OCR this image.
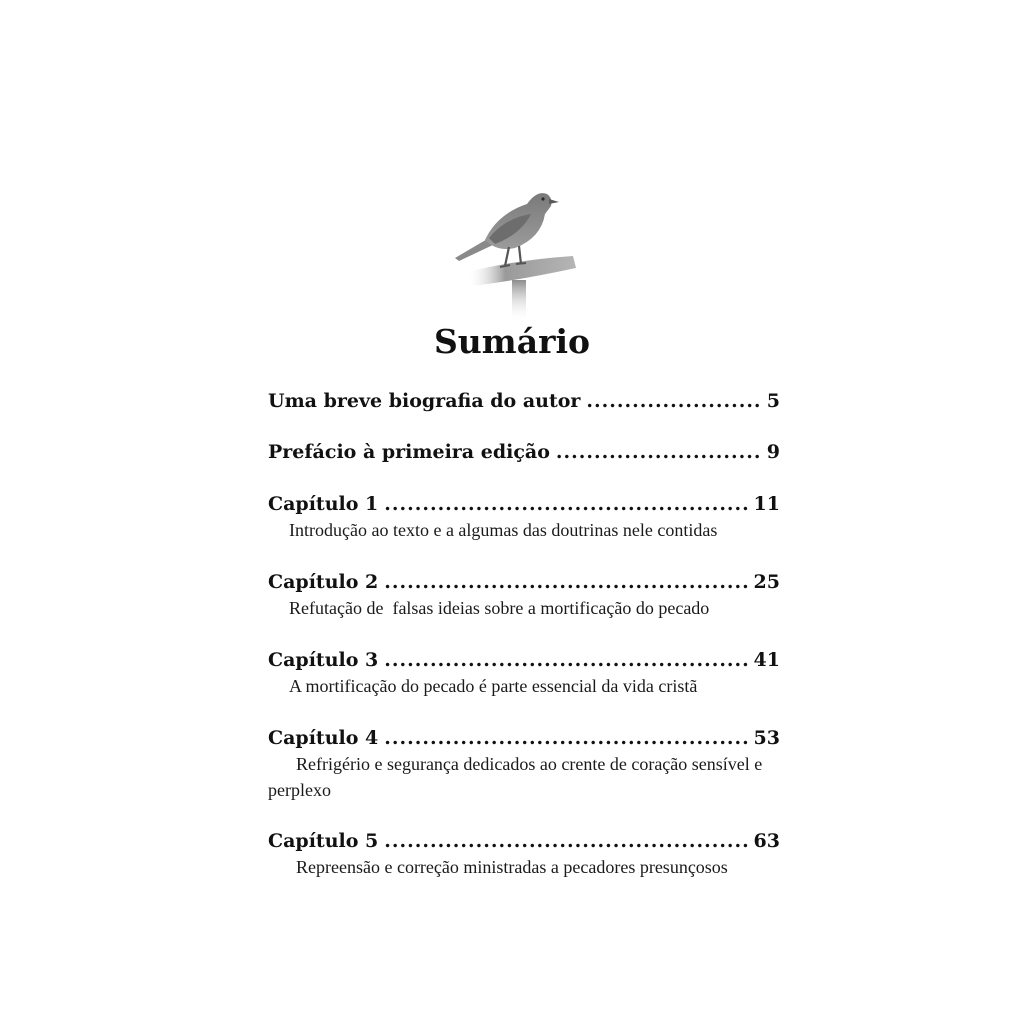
Sumário
Uma breve biografia do autor .....	5
Prefácio à primeira edição .....	9
Capítulo 1 .....	11
Introdução ao texto e a algumas das doutrinas nele contidas
Capítulo 2 .....	25
Refutação de  falsas ideias sobre a mortificação do pecado
Capítulo 3 .....	41
A mortificação do pecado é parte essencial da vida cristã
Capítulo 4 .....	53
Refrigério e segurança dedicados ao crente de coração sensível e perplexo
Capítulo 5 .....	63
Repreensão e correção ministradas a pecadores presunçosos
